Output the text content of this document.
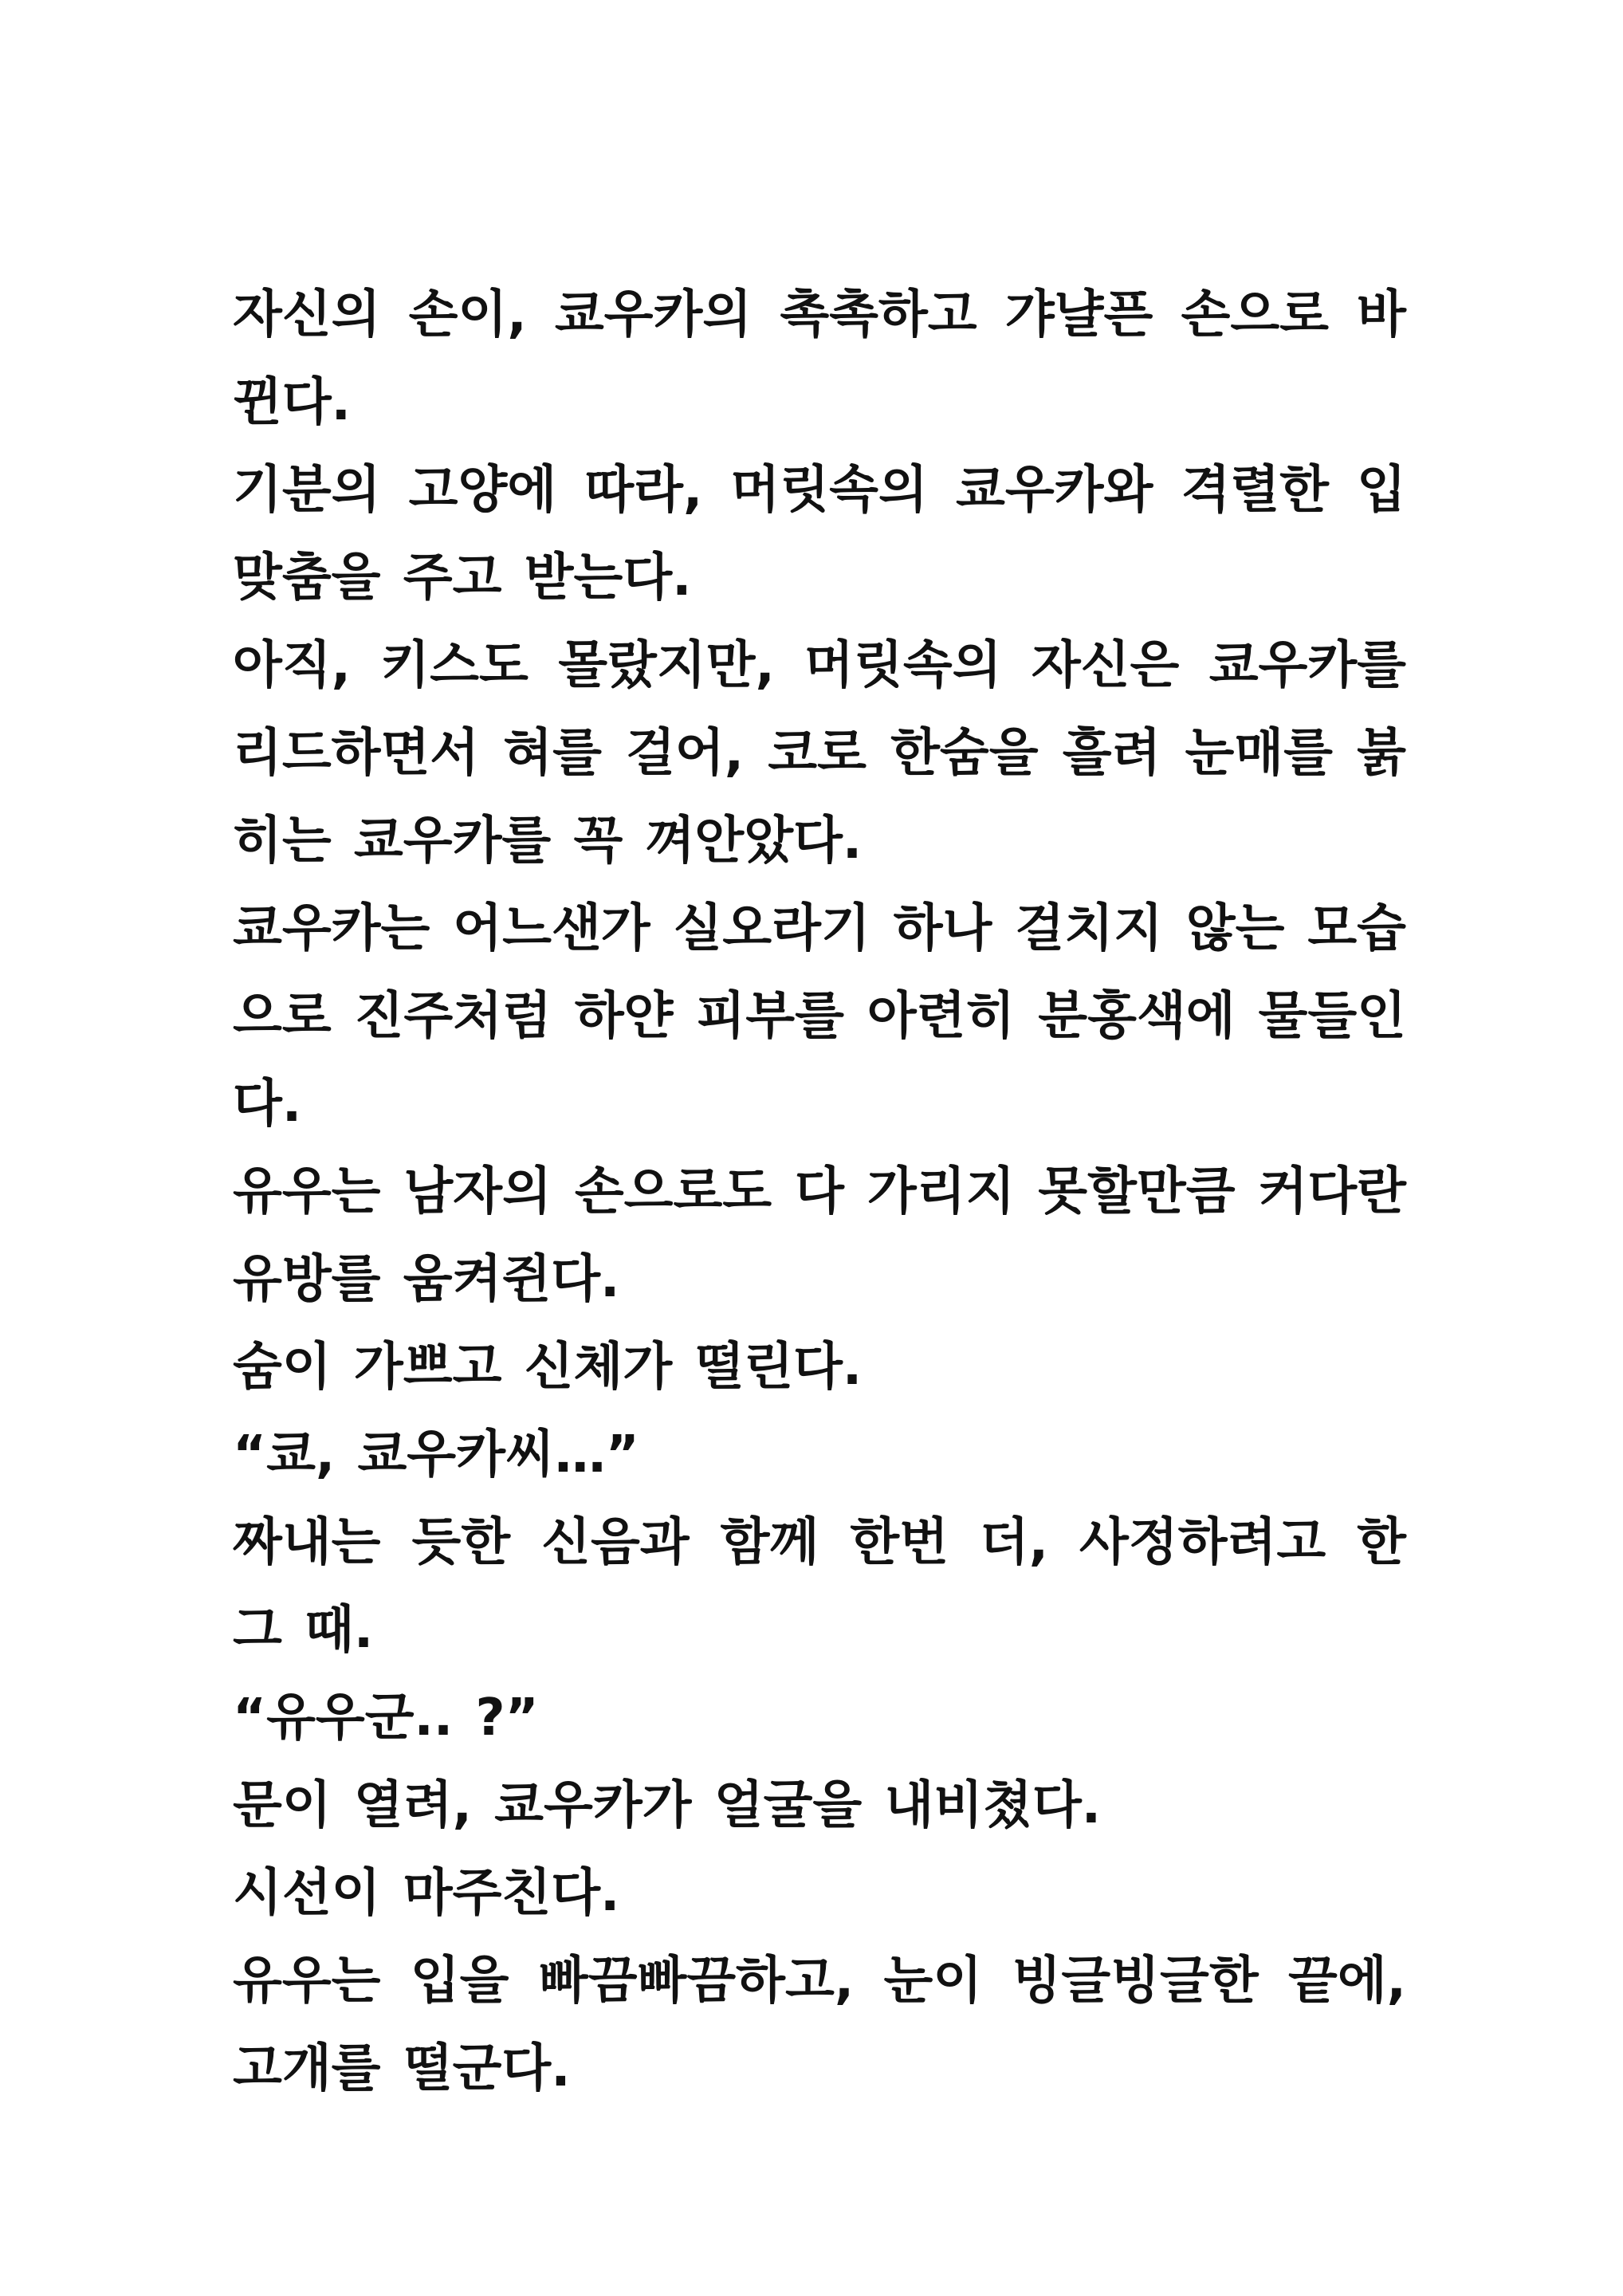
자신의 손이, 쿄우카의 촉촉하고 갸냘픈 손으로 바뀐다.

기분의 고양에 따라, 머릿속의 쿄우카와 격렬한 입맞춤을 주고 받는다.

아직, 키스도 몰랐지만, 머릿속의 자신은 쿄우카를 리드하면서 혀를 걸어, 코로 한숨을 흘려 눈매를 붉히는 쿄우카를 꼭 껴안았다.

쿄우카는 어느샌가 실오라기 하나 걸치지 않는 모습으로 진주처럼 하얀 피부를 아련히 분홍색에 물들인다.

유우는 남자의 손으로도 다 가리지 못할만큼 커다란 유방를 움켜쥔다.

숨이 가쁘고 신체가 떨린다.

“쿄, 쿄우카씨…”

짜내는 듯한 신음과 함께 한번 더, 사정하려고 한 그 때.

“유우군.. ?”

문이 열려, 쿄우카가 얼굴을 내비쳤다.

시선이 마주친다.

유우는 입을 빠끔빠끔하고, 눈이 빙글빙글한 끝에, 고개를 떨군다.
